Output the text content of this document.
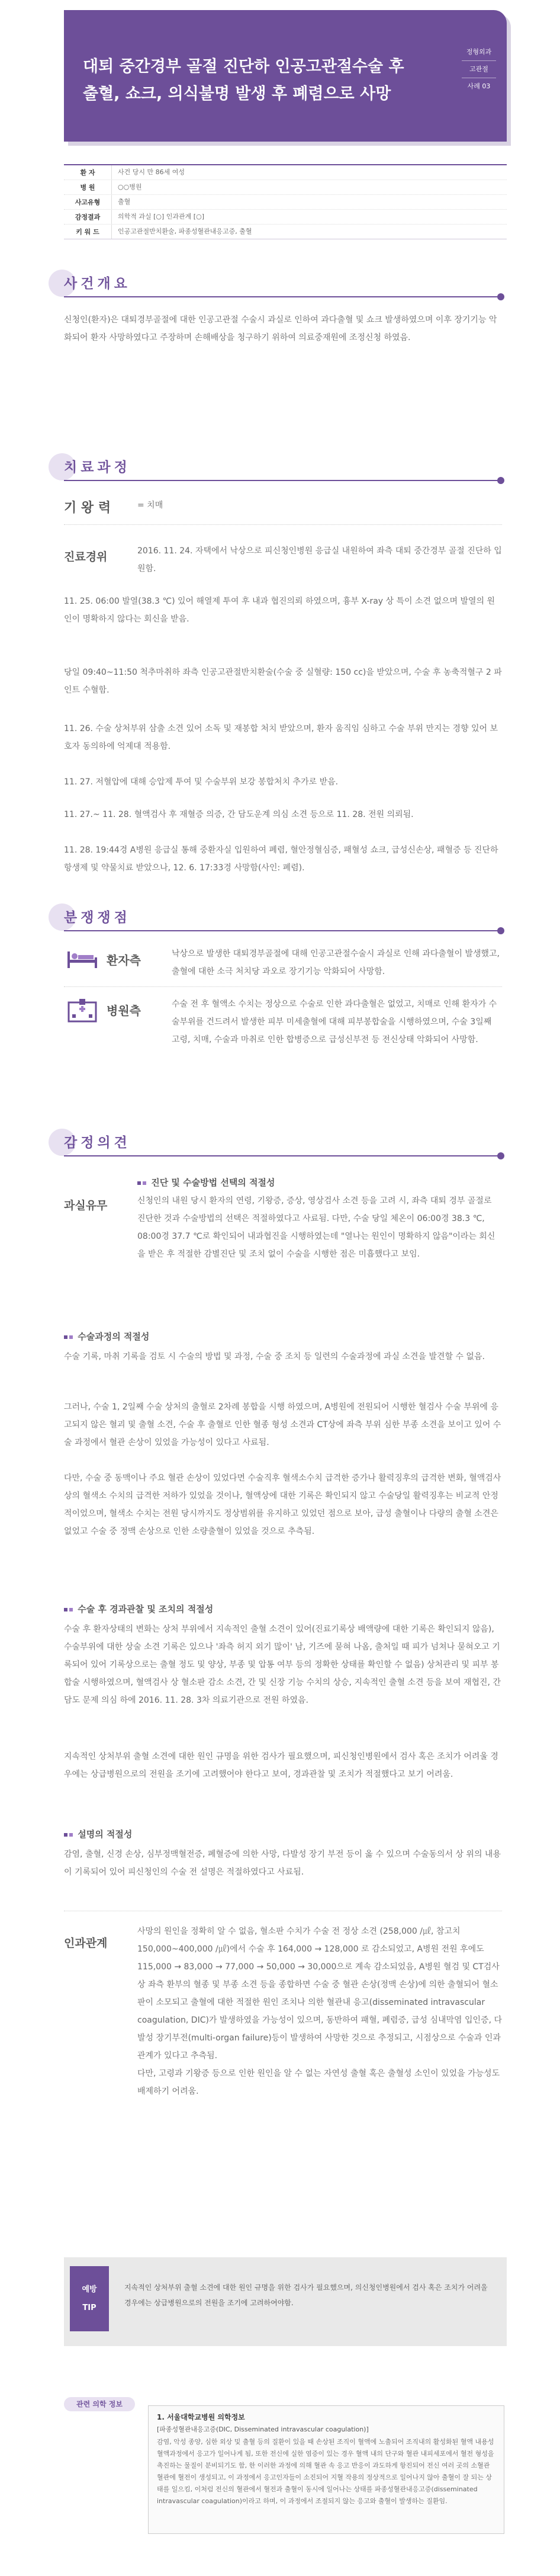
대퇴 중간경부 골절 진단하 인공고관절수술 후
출혈, 쇼크, 의식불명 발생 후 폐렴으로 사망
정형외과
고관절
사례 03
환 자	사건 당시 만 86세 여성
병 원	○○병원
사고유형	출혈
감정결과	의학적 과실 [○] 인과관계 [○]
키 워 드	인공고관절반치환술, 파종성혈관내응고증, 출혈
사건개요
신청인(환자)은 대퇴경부골절에 대한 인공고관절 수술시 과실로 인하여 과다출혈 및 쇼크 발생하였으며 이후 장기기능 악화되어 환자 사망하였다고 주장하며 손해배상을 청구하기 위하여 의료중재원에 조정신청 하였음.
치료과정
기 왕 력	= 치매
진료경위	2016. 11. 24. 자택에서 낙상으로 피신청인병원 응급실 내원하여 좌측 대퇴 중간경부 골절 진단하 입원함.
11. 25. 06:00 발열(38.3 ℃) 있어 해열제 투여 후 내과 협진의뢰 하였으며, 흉부 X-ray 상 특이 소견 없으며 발열의 원인이 명확하지 않다는 회신을 받음.
당일 09:40~11:50 척추마취하 좌측 인공고관절반치환술(수술 중 실혈량: 150 cc)을 받았으며, 수술 후 농축적혈구 2 파인트 수혈함.
11. 26. 수술 상처부위 삼출 소견 있어 소독 및 재봉합 처치 받았으며, 환자 움직임 심하고 수술 부위 만지는 경향 있어 보호자 동의하에 억제대 적용함.
11. 27. 저혈압에 대해 승압제 투여 및 수술부위 보강 봉합처치 추가로 받음.
11. 27.~ 11. 28. 혈액검사 후 재혈증 의증, 간 담도운계 의심 소견 등으로 11. 28. 전원 의뢰됨.
11. 28. 19:44경 A병원 응급실 통해 중환자실 입원하여 폐렴, 혈안정혈심증, 패혈성 쇼크, 급성신손상, 패혈증 등 진단하 항생제 및 약물치료 받았으나, 12. 6. 17:33경 사망함(사인: 폐렴).
분쟁쟁점
환자측	낙상으로 발생한 대퇴경부골절에 대해 인공고관절수술시 과실로 인해 과다출혈이 발생했고, 출혈에 대한 소극 처치당 과오로 장기기능 악화되어 사망함.
병원측	수술 전 후 혈액소 수치는 정상으로 수술로 인한 과다출혈은 없었고, 치매로 인해 환자가 수술부위를 건드려서 발생한 피부 미세출혈에 대해 피부봉합술을 시행하였으며, 수술 3일째 고령, 치매, 수술과 마취로 인한 합병증으로 급성신부전 등 전신상태 악화되어 사망함.
감정의견
과실유무
진단 및 수술방법 선택의 적절성
신청인의 내원 당시 환자의 연령, 기왕증, 증상, 영상검사 소견 등을 고려 시, 좌측 대퇴 경부 골절로 진단한 것과 수술방법의 선택은 적절하였다고 사료됨. 다만, 수술 당일 체온이 06:00경 38.3 ℃, 08:00경 37.7 ℃로 확인되어 내과협진을 시행하였는데 "열나는 원인이 명확하지 않음"이라는 회신을 받은 후 적절한 감별진단 및 조치 없이 수술을 시행한 점은 미흡했다고 보임.
수술과정의 적절성
수술 기록, 마취 기록을 검토 시 수술의 방법 및 과정, 수술 중 조치 등 일련의 수술과정에 과실 소견을 발견할 수 없음.
그러나, 수술 1, 2일째 수술 상처의 출혈로 2차례 봉합을 시행 하였으며, A병원에 전원되어 시행한 혈검사 수술 부위에 응고되지 않은 혈괴 및 출혈 소견, 수술 후 출혈로 인한 혈종 형성 소견과 CT상에 좌측 부위 심한 부종 소견을 보이고 있어 수술 과정에서 혈관 손상이 있었을 가능성이 있다고 사료됨.
다만, 수술 중 동맥이나 주요 혈관 손상이 있었다면 수술직후 혈색소수치 급격한 증가나 활력징후의 급격한 변화, 혈액검사상의 혈색소 수치의 급격한 저하가 있었을 것이나, 혈액상에 대한 기록은 확인되지 않고 수술당일 활력징후는 비교적 안정적이었으며, 혈색소 수치는 전원 당시까지도 정상범위를 유지하고 있었던 점으로 보아, 급성 출혈이나 다량의 출혈 소견은 없었고 수술 중 정맥 손상으로 인한 소량출혈이 있었을 것으로 추측됨.
수술 후 경과관찰 및 조치의 적절성
수술 후 환자상태의 변화는 상처 부위에서 지속적인 출혈 소견이 있어(진료기록상 배액량에 대한 기록은 확인되지 않음), 수술부위에 대한 상술 소견 기록은 있으나 '좌측 허지 외기 많이' 남, 기즈에 묻혀 나옴, 출처일 때 피가 넘쳐나 묻혀오고 기록되어 있어 기록상으로는 출혈 정도 및 양상, 부종 및 압통 여부 등의 정확한 상태를 확인할 수 없음) 상처관리 및 피부 봉합술 시행하였으며, 혈액검사 상 혈소판 감소 소견, 간 및 신장 기능 수치의 상승, 지속적인 출혈 소견 등을 보여 재협진, 간담도 문제 의심 하에 2016. 11. 28. 3차 의료기관으로 전원 하였음.
지속적인 상처부위 출혈 소견에 대한 원인 규명을 위한 검사가 필요했으며, 피신청인병원에서 검사 혹은 조치가 어려울 경우에는 상급병원으로의 전원을 조기에 고려했어야 한다고 보여, 경과관찰 및 조치가 적절했다고 보기 어려움.
설명의 적절성
감염, 출혈, 신경 손상, 심부정맥혈전증, 폐혈증에 의한 사망, 다발성 장기 부전 등이 옳 수 있으며 수술동의서 상 위의 내용이 기록되어 있어 피신청인의 수술 전 설명은 적절하였다고 사료됨.
인과관계
사망의 원인을 정확히 알 수 없음, 혈소판 수치가 수술 전 정상 소견 (258,000 /㎕, 참고치 150,000~400,000 /㎕)에서 수술 후 164,000 → 128,000 로 감소되었고, A병원 전원 후에도 115,000 → 83,000 → 77,000 → 50,000 → 30,000으로 계속 감소되었음, A병원 혈검 및 CT검사 상 좌측 환부의 혈종 및 부종 소견 등을 종합하면 수술 중 혈관 손상(정맥 손상)에 의한 출혈되어 혈소판이 소모되고 출혈에 대한 적절한 원인 조치나 의한 혈관내 응고(disseminated intravascular coagulation, DIC)가 발생하였을 가능성이 있으며, 동반하여 패혈, 폐렴증, 급성 심내막염 입인증, 다발성 장기부전(multi-organ failure)등이 발생하여 사망한 것으로 추정되고, 시점상으로 수술과 인과관계가 있다고 추측됨.
다만, 고령과 기왕증 등으로 인한 원인을 알 수 없는 자연성 출혈 혹은 출혈성 소인이 있었을 가능성도 배제하기 어려움.
예방
TIP
지속적인 상처부위 출혈 소견에 대한 원인 규명을 위한 검사가 필요했으며, 의신청인병원에서 검사 혹은 조치가 어려울 경우에는 상급병원으로의 전원을 조기에 고려하여야함.
관련 의학 정보
1. 서울대학교병원 의학정보
[파종성혈관내응고증(DIC, Disseminated intravascular coagulation)]
감염, 악성 종양, 심한 외상 및 출혈 등의 질환이 있을 때 손상된 조직이 혈액에 노출되어 조직내의 활성화된 혈액 내용성 혈액과정에서 응고가 일어나게 됨, 또한 전신에 실한 염증이 있는 경우 혈액 내의 단구와 혈관 내피세포에서 혈전 형성을 촉진하는 물질이 분비되기도 함, 한 이러한 과정에 의해 혈관 속 응고 반응이 과도하게 항진되어 전신 여러 곳의 소혈관 혈관에 혈전이 생성되고, 이 과정에서 응고인자들이 소진되어 지혈 작용의 정상적으로 일어나지 않아 출혈이 잘 되는 상태를 일으킴, 이처럼 전신의 혈관에서 혈전과 출혈이 동시에 일어나는 상태를 파종성혈관내응고증(disseminated intravascular coagulation)이라고 하며, 이 과정에서 조절되지 않는 응고와 출혈이 발생하는 질환임.
